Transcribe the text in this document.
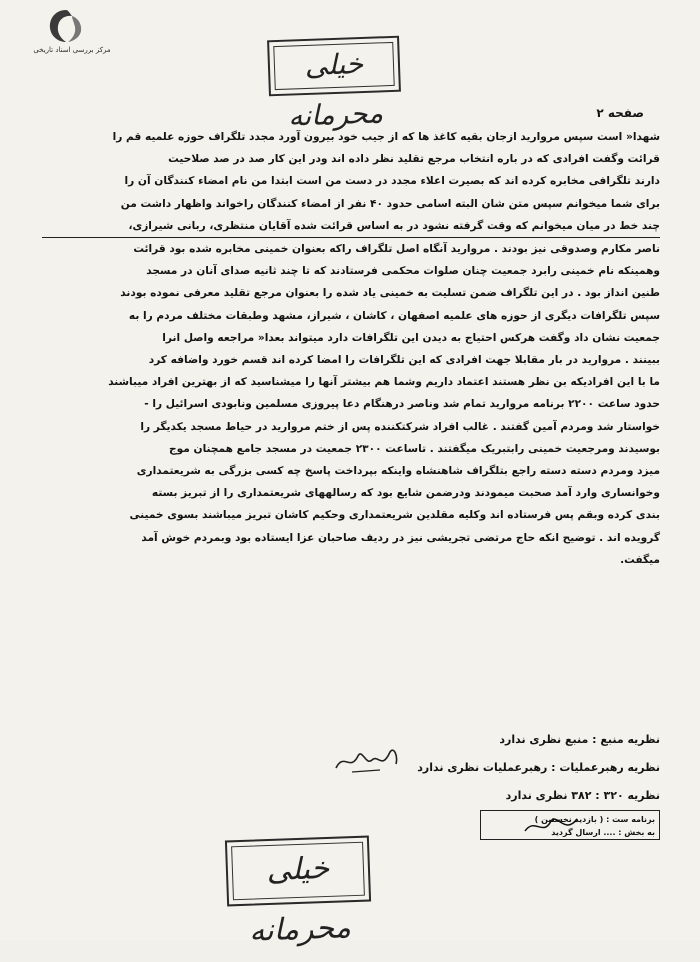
مرکز بررسی اسناد تاریخی	خیلی محرمانه	صفحه ۲

شهدا« است سپس مروارید ازجان بقیه کاغذ ها که از جیب خود بیرون آورد مجدد تلگراف حوزه علمیه قم را

قرائت وگفت افرادی که در باره انتخاب مرجع تقلید نظر داده اند ودر این کار صد در صد صلاحیت

دارند تلگرافی مخابره کرده اند که بصیرت اعلاء مجدد در دست من است ابتدا من نام امضاء کنندگان آن را

برای شما میخوانم سپس متن شان البته اسامی حدود ۴۰ نفر از امضاء کنندگان راخواند واظهار داشت من

چند خط در میان میخوانم که وقت گرفته نشود در به اساس قرائت شده آقایان منتظری، ربانی شیرازی،

ناصر مکارم وصدوقی نیز بودند . مروارید آنگاه اصل تلگراف راکه بعنوان خمینی مخابره شده بود قرائت

وهمینکه نام خمینی رابرد جمعیت چنان صلوات محکمی فرستادند که تا چند ثانیه صدای آنان در مسجد

طنین انداز بود . در این تلگراف ضمن تسلیت به خمینی یاد شده را بعنوان مرجع تقلید معرفی نموده بودند

سپس تلگرافات دیگری از حوزه های علمیه اصفهان ، کاشان ، شیراز، مشهد وطبقات مختلف مردم را به

جمعیت نشان داد وگفت هرکس احتیاج به دیدن این تلگرافات دارد میتواند بعدا« مراجعه واصل انرا

ببینند . مروارید در بار مقابلا جهت افرادی که این تلگرافات را امضا کرده اند قسم خورد واضافه کرد

ما با این افرادیکه بن نظر هستند اعتماد داریم وشما هم بیشتر آنها را میشناسید که از بهترین افراد میباشند

حدود ساعت ۲۲۰۰ برنامه مروارید تمام شد وناصر درهنگام دعا پیروزی مسلمین ونابودی اسرائیل را -

خواستار شد ومردم آمین گفتند . غالب افراد شرکتکننده پس از ختم مروارید در حیاط مسجد یکدیگر را

بوسیدند ومرجعیت خمینی رابتبریک میگفتند . تاساعت ۲۳۰۰ جمعیت در مسجد جامع همچنان موج

میزد ومردم دسته دسته راجع بتلگراف شاهنشاه واینکه بپرداخت پاسخ چه کسی بزرگی به شریعتمداری

وخوانساری وارد آمد صحبت میمودند ودرضمن شایع بود که رسالههای شریعتمداری را از تبریز بسته

بندی کرده وبقم پس فرستاده اند وکلیه مقلدین شریعتمداری وحکیم کاشان تبریز میباشند بسوی خمینی

گرویده اند . توضیح انکه حاج مرتضی تجریشی نیز در ردیف صاحبان عزا ایستاده بود وبمردم خوش آمد

میگفت.

نظریه منبع : منبع نظری ندارد
نظریه رهبرعملیات : رهبرعملیات نظری ندارد
نظریه ۳۲۰ : ۳۸۲ نظری ندارد
برنامه ست : ( بازدید نخستین )
به بخش : .... ارسال گردید
خیلی محرمانه
